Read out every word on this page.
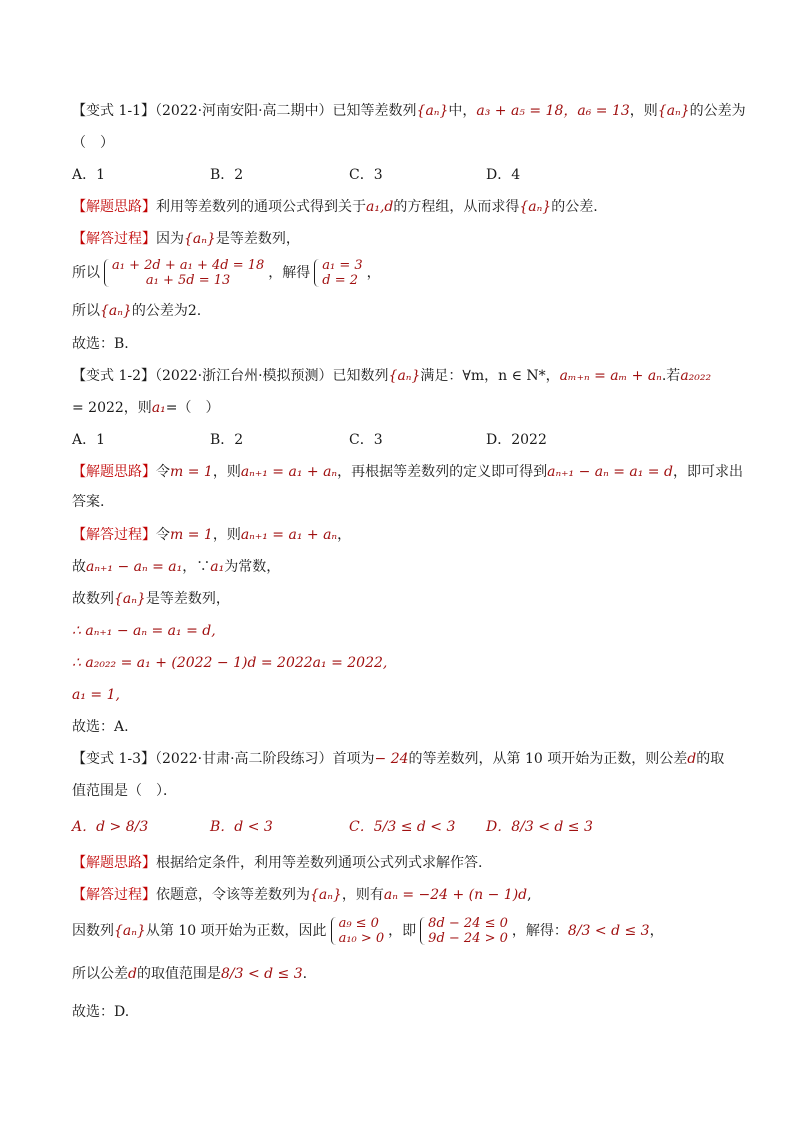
【变式 1-1】（2022·河南安阳·高二期中）已知等差数列{aₙ}中，a₃ + a₅ = 18，a₆ = 13，则{aₙ}的公差为
（　）
A．1	B．2	C．3	D．4
【解题思路】利用等差数列的通项公式得到关于a₁,d的方程组，从而求得{aₙ}的公差.
【解答过程】因为{aₙ}是等差数列，
所以 a₁ + 2d + a₁ + 4d = 18
a₁ + 5d = 13	，解得 a₁ = 3
d = 2 ，
所以{aₙ}的公差为2.
故选：B.
【变式 1-2】（2022·浙江台州·模拟预测）已知数列{aₙ}满足：∀m，n ∈ N*，aₘ₊ₙ = aₘ + aₙ.若a₂₀₂₂
= 2022，则a₁=（　）
A．1	B．2	C．3	D．2022
【解题思路】令m = 1，则aₙ₊₁ = a₁ + aₙ，再根据等差数列的定义即可得到aₙ₊₁ − aₙ = a₁ = d，即可求出
答案.
【解答过程】令m = 1，则aₙ₊₁ = a₁ + aₙ，
故aₙ₊₁ − aₙ = a₁，∵a₁为常数，
故数列{aₙ}是等差数列，
∴ aₙ₊₁ − aₙ = a₁ = d,
∴ a₂₀₂₂ = a₁ + (2022 − 1)d = 2022a₁ = 2022,
a₁ = 1,
故选：A.
【变式 1-3】（2022·甘肃·高二阶段练习）首项为− 24的等差数列，从第 10 项开始为正数，则公差d的取
值范围是（　）．
A．d > 8/3	B．d < 3	C．5/3 ≤ d < 3 D．8/3 < d ≤ 3
【解题思路】根据给定条件，利用等差数列通项公式列式求解作答.
【解答过程】依题意，令该等差数列为{aₙ}，则有aₙ = −24 + (n − 1)d,
因数列{aₙ}从第 10 项开始为正数，因此 a₉ ≤ 0
a₁₀ > 0 ，即 8d − 24 ≤ 0
9d − 24 > 0 ，解得：8/3 < d ≤ 3，
所以公差d的取值范围是8/3 < d ≤ 3.
故选：D.
